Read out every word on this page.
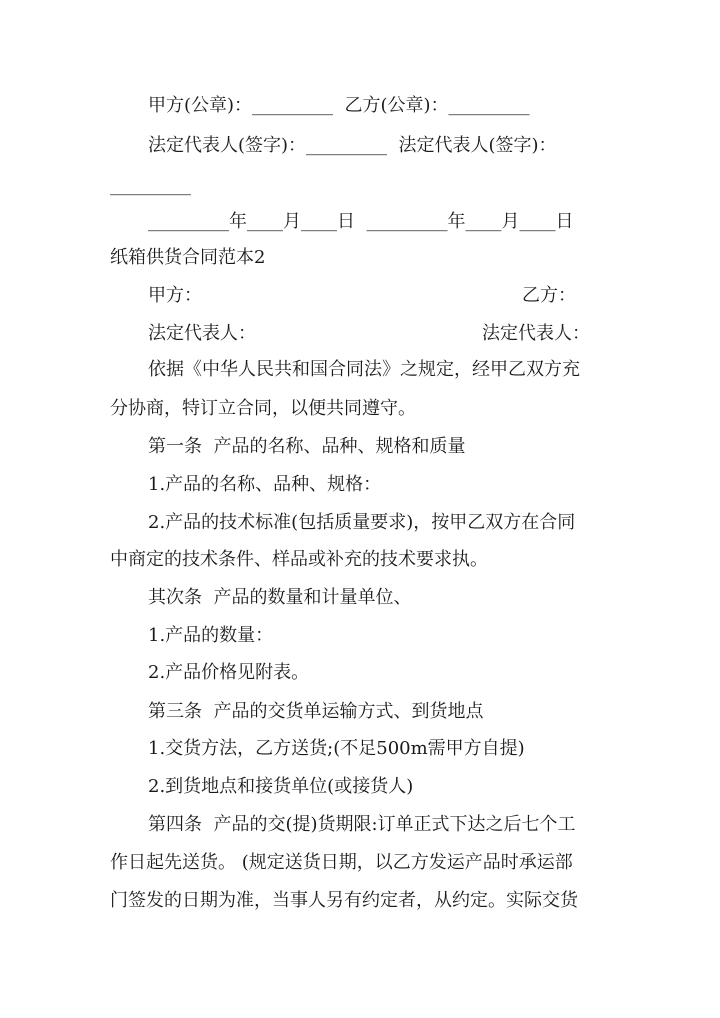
甲方(公章)：_________  乙方(公章)：_________
法定代表人(签字)：_________  法定代表人(签字)：
_________
_________年____月____日  _________年____月____日
纸箱供货合同范本2
甲方：	乙方：
法定代表人：	法定代表人：
依据《中华人民共和国合同法》之规定，经甲乙双方充
分协商，特订立合同，以便共同遵守。
第一条  产品的名称、品种、规格和质量
1.产品的名称、品种、规格：
2.产品的技术标准(包括质量要求)，按甲乙双方在合同
中商定的技术条件、样品或补充的技术要求执。
其次条  产品的数量和计量单位、
1.产品的数量：
2.产品价格见附表。
第三条  产品的交货单运输方式、到货地点
1.交货方法，乙方送货;(不足500m需甲方自提)
2.到货地点和接货单位(或接货人)
第四条  产品的交(提)货期限:订单正式下达之后七个工
作日起先送货。 (规定送货日期，以乙方发运产品时承运部
门签发的日期为准，当事人另有约定者，从约定。实际交货
